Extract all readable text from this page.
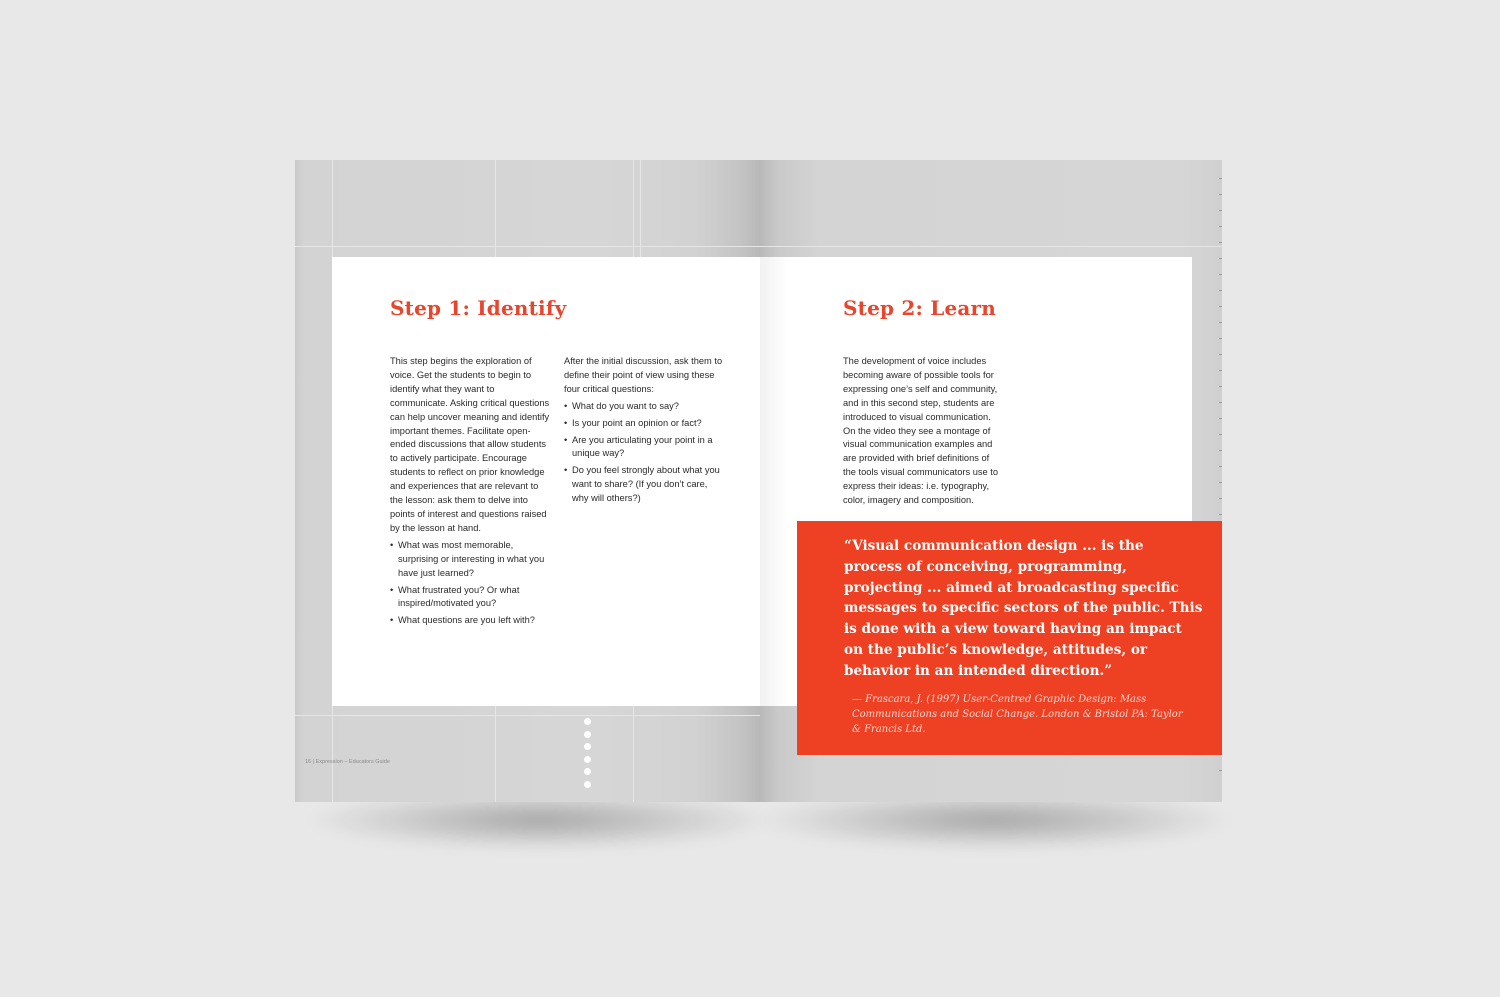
Step 1: Identify

This step begins the exploration of voice. Get the students to begin to identify what they want to communicate. Asking critical questions can help uncover meaning and identify important themes. Facilitate open-ended discussions that allow students to actively participate. Encourage students to reflect on prior knowledge and experiences that are relevant to the lesson: ask them to delve into points of interest and questions raised by the lesson at hand.

• What was most memorable, surprising or interesting in what you have just learned?
• What frustrated you? Or what inspired/motivated you?
• What questions are you left with?

After the initial discussion, ask them to define their point of view using these four critical questions:

• What do you want to say?
• Is your point an opinion or fact?
• Are you articulating your point in a unique way?
• Do you feel strongly about what you want to share? (If you don’t care, why will others?)
16 | Expression – Educators Guide
Step 2: Learn

The development of voice includes becoming aware of possible tools for expressing one’s self and community, and in this second step, students are introduced to visual communication. On the video they see a montage of visual communication examples and are provided with brief definitions of the tools visual communicators use to express their ideas: i.e. typography, color, imagery and composition.

“Visual communication design ... is the process of conceiving, programming, projecting ... aimed at broadcasting specific messages to specific sectors of the public. This is done with a view toward having an impact on the public’s knowledge, attitudes, or behavior in an intended direction.”
— Frascara, J. (1997) User-Centred Graphic Design: Mass Communications and Social Change. London & Bristol PA: Taylor & Francis Ltd.
